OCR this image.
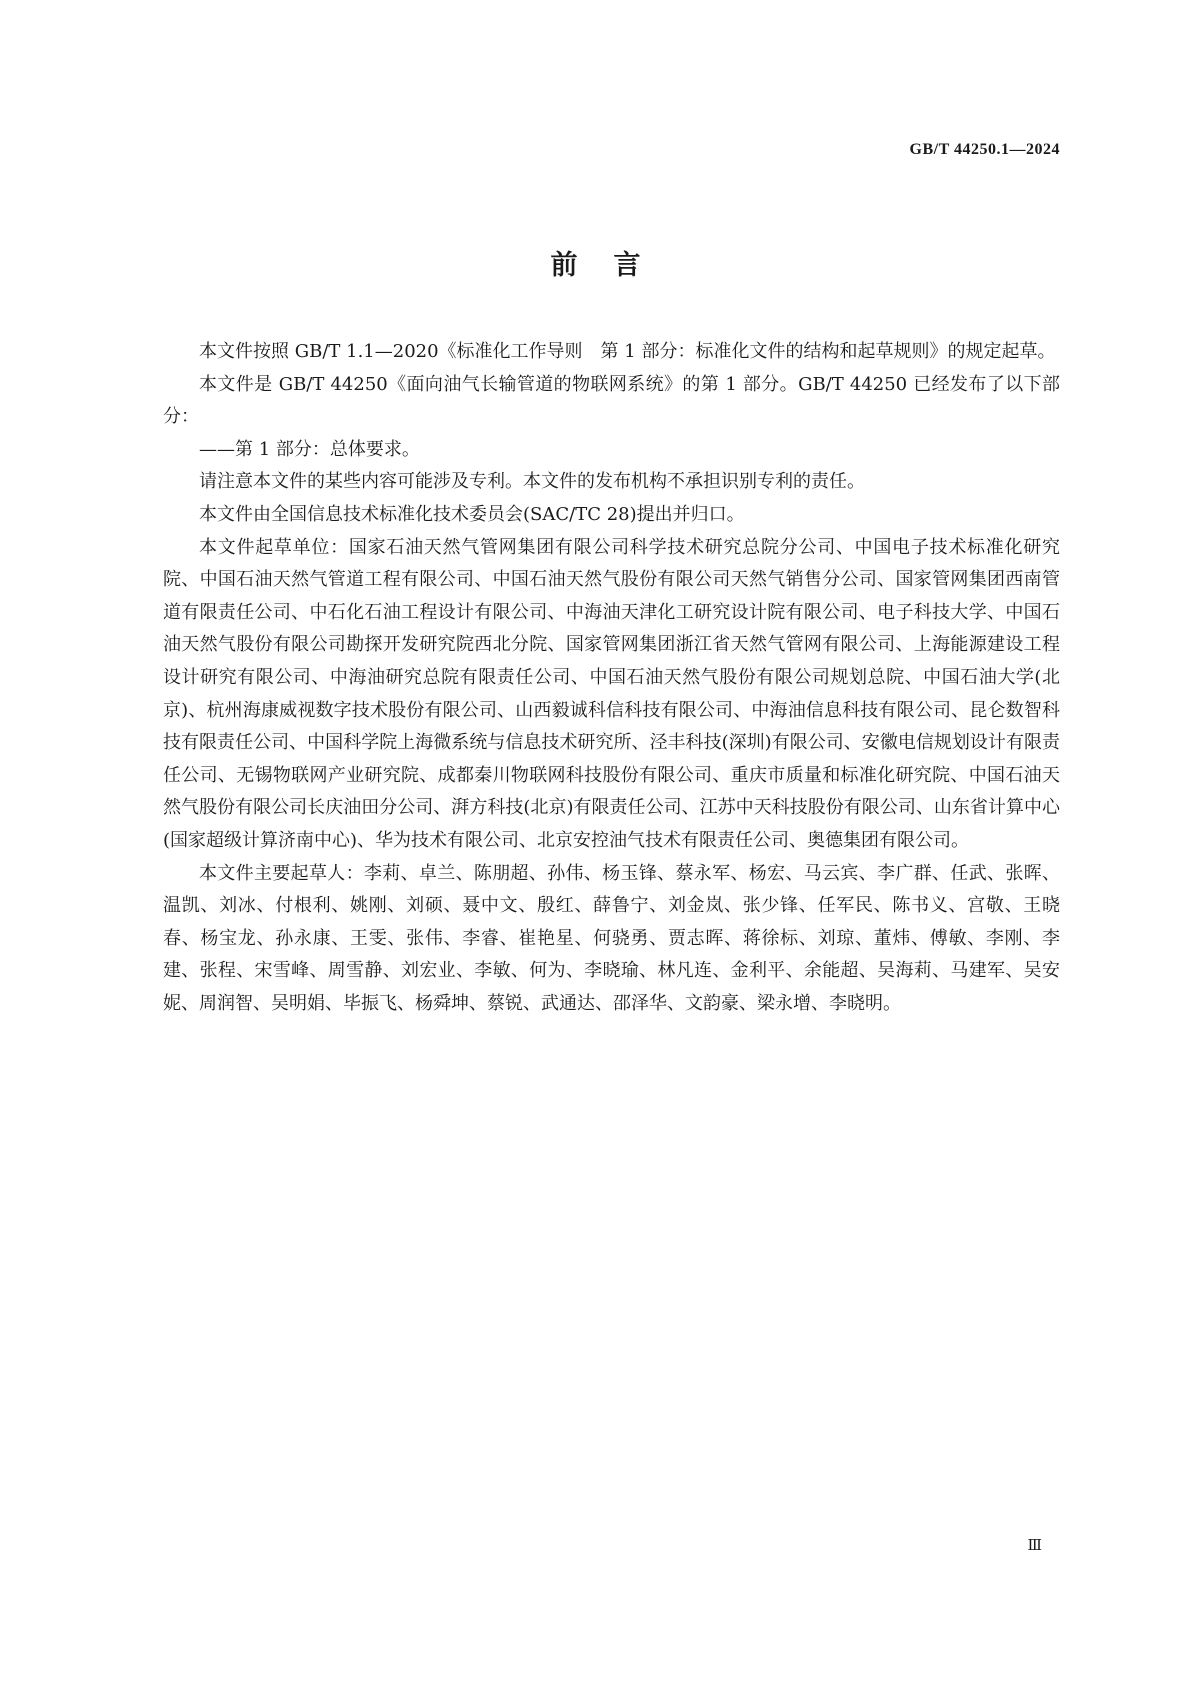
GB/T 44250.1—2024
前言

本文件按照 GB/T 1.1—2020《标准化工作导则　第 1 部分：标准化文件的结构和起草规则》的规定起草。

本文件是 GB/T 44250《面向油气长输管道的物联网系统》的第 1 部分。GB/T 44250 已经发布了以下部分：

——第 1 部分：总体要求。

请注意本文件的某些内容可能涉及专利。本文件的发布机构不承担识别专利的责任。

本文件由全国信息技术标准化技术委员会(SAC/TC 28)提出并归口。

本文件起草单位：国家石油天然气管网集团有限公司科学技术研究总院分公司、中国电子技术标准化研究院、中国石油天然气管道工程有限公司、中国石油天然气股份有限公司天然气销售分公司、国家管网集团西南管道有限责任公司、中石化石油工程设计有限公司、中海油天津化工研究设计院有限公司、电子科技大学、中国石油天然气股份有限公司勘探开发研究院西北分院、国家管网集团浙江省天然气管网有限公司、上海能源建设工程设计研究有限公司、中海油研究总院有限责任公司、中国石油天然气股份有限公司规划总院、中国石油大学(北京)、杭州海康威视数字技术股份有限公司、山西毅诚科信科技有限公司、中海油信息科技有限公司、昆仑数智科技有限责任公司、中国科学院上海微系统与信息技术研究所、泾丰科技(深圳)有限公司、安徽电信规划设计有限责任公司、无锡物联网产业研究院、成都秦川物联网科技股份有限公司、重庆市质量和标准化研究院、中国石油天然气股份有限公司长庆油田分公司、湃方科技(北京)有限责任公司、江苏中天科技股份有限公司、山东省计算中心(国家超级计算济南中心)、华为技术有限公司、北京安控油气技术有限责任公司、奥德集团有限公司。

本文件主要起草人：李莉、卓兰、陈朋超、孙伟、杨玉锋、蔡永军、杨宏、马云宾、李广群、任武、张晖、温凯、刘冰、付根利、姚刚、刘硕、聂中文、殷红、薛鲁宁、刘金岚、张少锋、任军民、陈书义、宫敬、王晓春、杨宝龙、孙永康、王雯、张伟、李睿、崔艳星、何骁勇、贾志晖、蒋徐标、刘琼、董炜、傅敏、李刚、李建、张程、宋雪峰、周雪静、刘宏业、李敏、何为、李晓瑜、林凡连、金利平、余能超、吴海莉、马建军、吴安妮、周润智、吴明娟、毕振飞、杨舜坤、蔡锐、武通达、邵泽华、文韵豪、梁永增、李晓明。

Ⅲ
